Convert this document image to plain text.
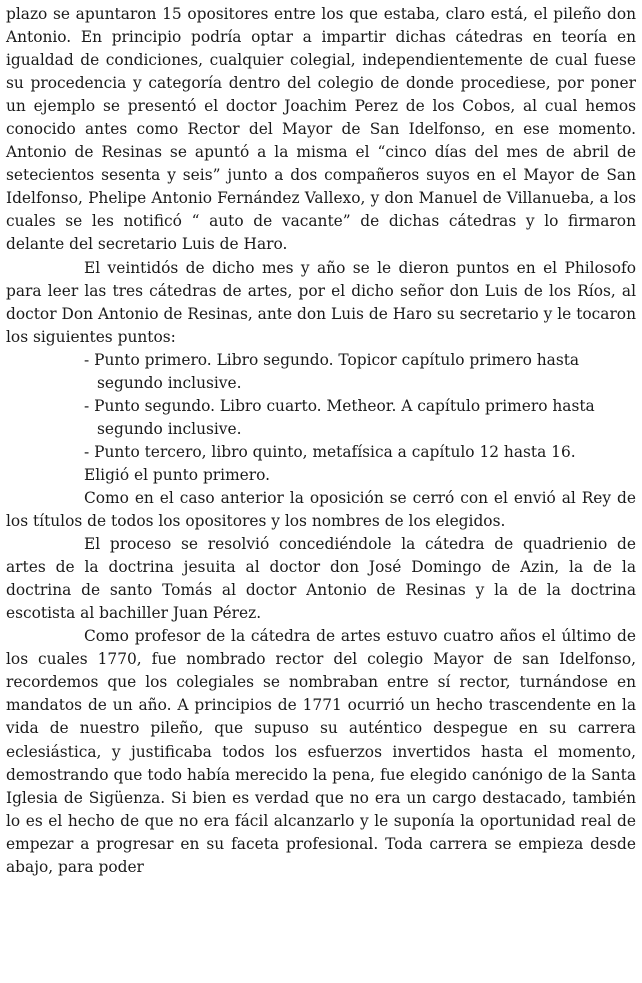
plazo se apuntaron 15 opositores entre los que estaba, claro está, el pileño don Antonio. En principio podría optar a impartir dichas cátedras en teoría en igualdad de condiciones, cualquier colegial, independientemente de cual fuese su procedencia y categoría dentro del colegio de donde procediese, por poner un ejemplo se presentó el doctor Joachim Perez de los Cobos, al cual hemos conocido antes como Rector del Mayor de San Idelfonso, en ese momento. Antonio de Resinas se apuntó a la misma el “cinco días del mes de abril de setecientos sesenta y seis” junto a dos compañeros suyos en el Mayor de San Idelfonso, Phelipe Antonio Fernández Vallexo, y don Manuel de Villanuebа, a los cuales se les notificó “ auto de vacante” de dichas cátedras y lo firmaron delante del secretario Luis de Haro.

El veintidós de dicho mes y año se le dieron puntos en el Philosofo para leer las tres cátedras de artes, por el dicho señor don Luis de los Ríos, al doctor Don Antonio de Resinas, ante don Luis de Haro su secretario y le tocaron los siguientes puntos:

- Punto primero. Libro segundo. Topicor capítulo primero hasta segundo inclusive.
- Punto segundo. Libro cuarto. Metheor. A capítulo primero hasta segundo inclusive.
- Punto tercero, libro quinto, metafísica a capítulo 12 hasta 16.

Eligió el punto primero.

Como en el caso anterior la oposición se cerró con el envió al Rey de los títulos de todos los opositores y los nombres de los elegidos.

El proceso se resolvió concediéndole la cátedra de quadrienio de artes de la doctrina jesuita al doctor don José Domingo de Azin, la de la doctrina de santo Tomás al doctor Antonio de Resinas y la de la doctrina escotista al bachiller Juan Pérez.

Como profesor de la cátedra de artes estuvo cuatro años el último de los cuales 1770, fue nombrado rector del colegio Mayor de san Idelfonso, recordemos que los colegiales se nombraban entre sí rector, turnándose en mandatos de un año. A principios de 1771 ocurrió un hecho trascendente en la vida de nuestro pileño, que supuso su auténtico despegue en su carrera eclesiástica, y justificaba todos los esfuerzos invertidos hasta el momento, demostrando que todo había merecido la pena, fue elegido canónigo de la Santa Iglesia de Sigüenza. Si bien es verdad que no era un cargo destacado, también lo es el hecho de que no era fácil alcanzarlo y le suponía la oportunidad real de empezar a progresar en su faceta profesional. Toda carrera se empieza desde abajo, para poder
